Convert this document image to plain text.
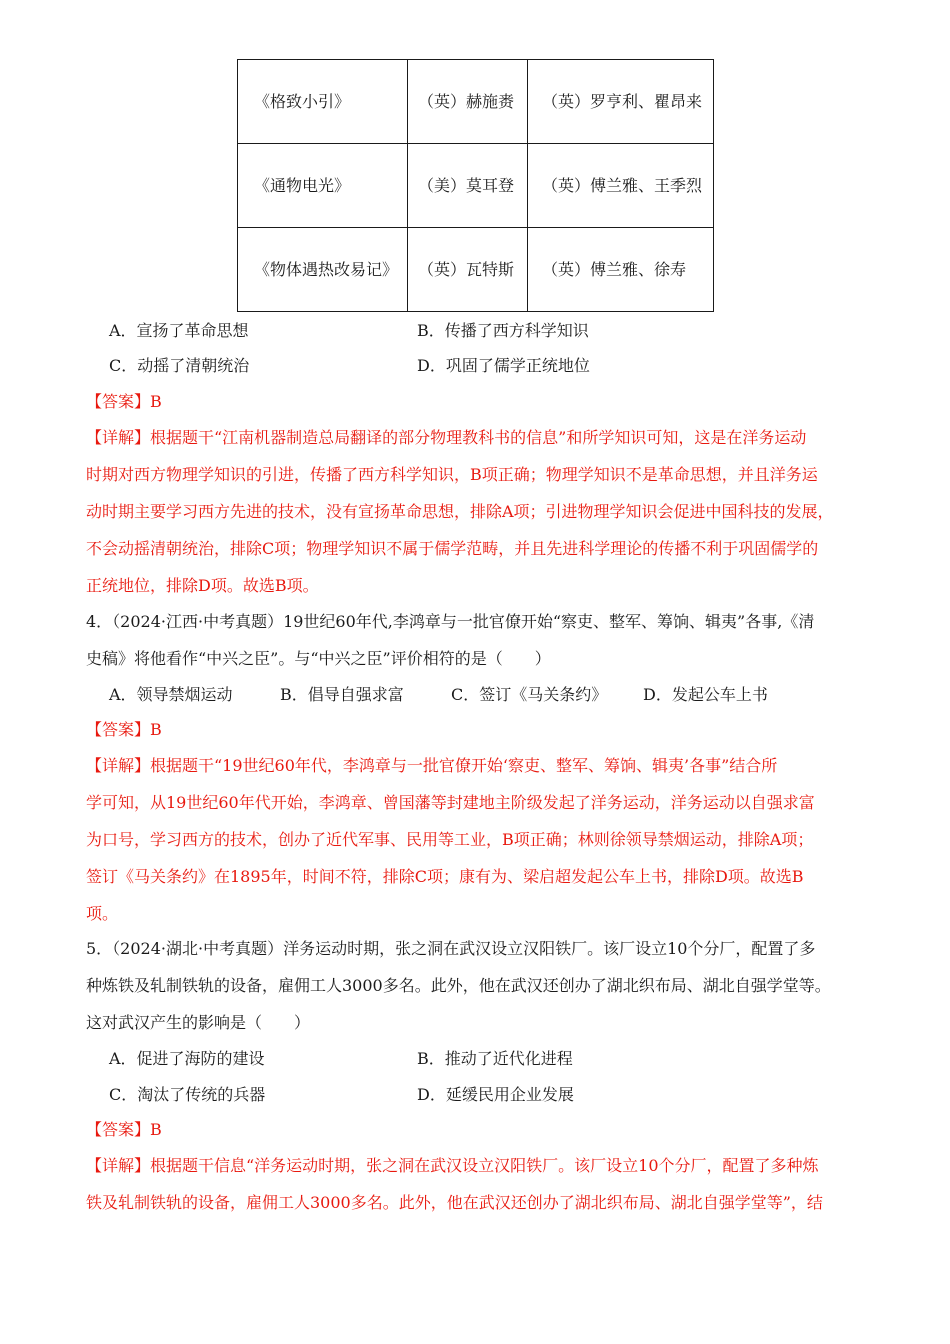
《格致小引》	（英）赫施赉	（英）罗亨利、瞿昂来
《通物电光》	（美）莫耳登	（英）傅兰雅、王季烈
《物体遇热改易记》	（英）瓦特斯	（英）傅兰雅、徐寿
A．宣扬了革命思想	B．传播了西方科学知识
C．动摇了清朝统治	D．巩固了儒学正统地位
【答案】B
【详解】根据题干“江南机器制造总局翻译的部分物理教科书的信息”和所学知识可知，这是在洋务运动
时期对西方物理学知识的引进，传播了西方科学知识，B项正确；物理学知识不是革命思想，并且洋务运
动时期主要学习西方先进的技术，没有宣扬革命思想，排除A项；引进物理学知识会促进中国科技的发展，
不会动摇清朝统治，排除C项；物理学知识不属于儒学范畴，并且先进科学理论的传播不利于巩固儒学的
正统地位，排除D项。故选B项。
4．（2024·江西·中考真题）19世纪60年代,李鸿章与一批官僚开始“察吏、整军、筹饷、辑夷”各事,《清
史稿》将他看作“中兴之臣”。与“中兴之臣”评价相符的是（　　）
A．领导禁烟运动	B．倡导自强求富	C．签订《马关条约》 D．发起公车上书
【答案】B
【详解】根据题干“19世纪60年代，李鸿章与一批官僚开始‘察吏、整军、筹饷、辑夷’各事”结合所
学可知，从19世纪60年代开始，李鸿章、曾国藩等封建地主阶级发起了洋务运动，洋务运动以自强求富
为口号，学习西方的技术，创办了近代军事、民用等工业，B项正确；林则徐领导禁烟运动，排除A项；
签订《马关条约》在1895年，时间不符，排除C项；康有为、梁启超发起公车上书，排除D项。故选B
项。
5．（2024·湖北·中考真题）洋务运动时期，张之洞在武汉设立汉阳铁厂。该厂设立10个分厂，配置了多
种炼铁及轧制铁轨的设备，雇佣工人3000多名。此外，他在武汉还创办了湖北织布局、湖北自强学堂等。
这对武汉产生的影响是（　　）
A．促进了海防的建设	B．推动了近代化进程
C．淘汰了传统的兵器	D．延缓民用企业发展
【答案】B
【详解】根据题干信息“洋务运动时期，张之洞在武汉设立汉阳铁厂。该厂设立10个分厂，配置了多种炼
铁及轧制铁轨的设备，雇佣工人3000多名。此外，他在武汉还创办了湖北织布局、湖北自强学堂等”，结
